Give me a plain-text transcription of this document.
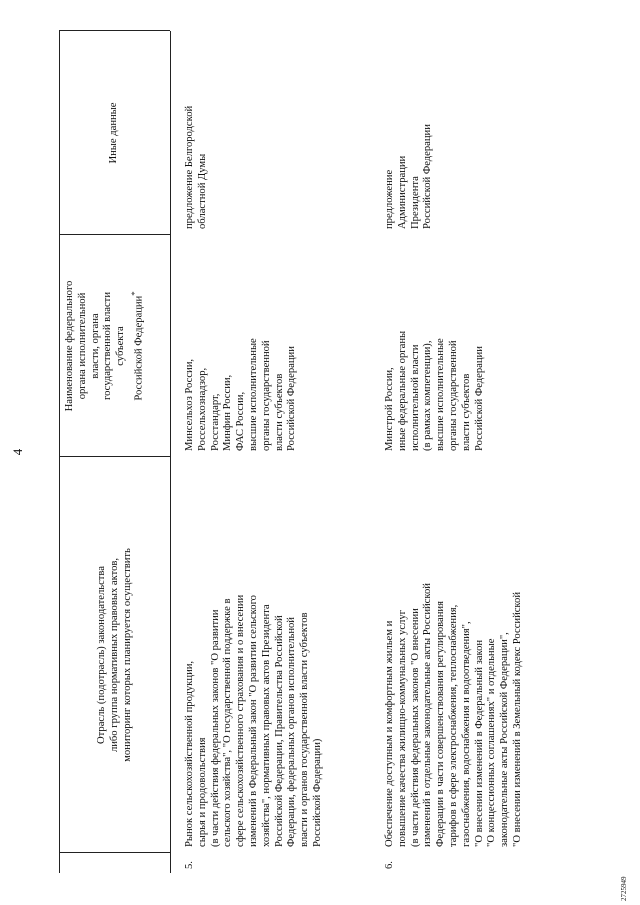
4
Отрасль (подотрасль) законодательства либо группа нормативных правовых актов, мониторинг которых планируется осуществить
Наименование федерального органа исполнительной власти, органа государственной власти субъекта Российской Федерации*
Иные данные
5.
Рынок сельскохозяйственной продукции, сырья и продовольствия (в части действия федеральных законов "О развитии сельского хозяйства", "О государственной поддержке в сфере сельскохозяйственного страхования и о внесении изменений в Федеральный закон "О развитии сельского хозяйства", нормативных правовых актов Президента Российской Федерации, Правительства Российской Федерации, федеральных органов исполнительной власти и органов государственной власти субъектов Российской Федерации)
Минсельхоз России, Россельхознадзор, Росстандарт, Минфин России, ФАС России, высшие исполнительные органы государственной власти субъектов Российской Федерации
предложение Белгородской областной Думы
6.
Обеспечение доступным и комфортным жильем и повышение качества жилищно-коммунальных услуг (в части действия федеральных законов "О внесении изменений в отдельные законодательные акты Российской Федерации в части совершенствования регулирования тарифов в сфере электроснабжения, теплоснабжения, газоснабжения, водоснабжения и водоотведения", "О внесении изменений в Федеральный закон "О концессионных соглашениях" и отдельные законодательные акты Российской Федерации", "О внесении изменений в Земельный кодекс Российской
Минстрой России, иные федеральные органы исполнительной власти (в рамках компетенции), высшие исполнительные органы государственной власти субъектов Российской Федерации
предложение Администрации Президента Российской Федерации
2725949
